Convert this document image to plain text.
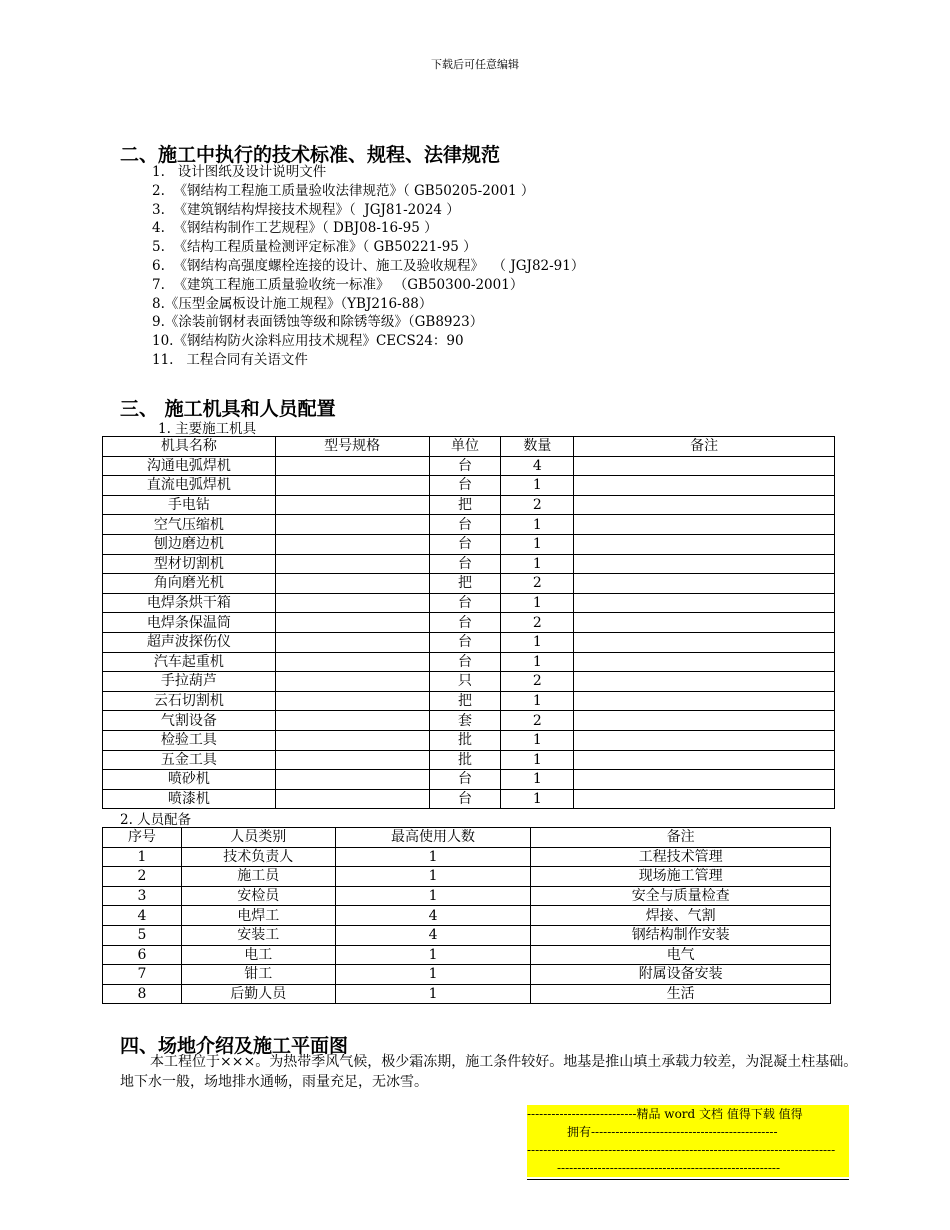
下载后可任意编辑
二、施工中执行的技术标准、规程、法律规范
1.   设计图纸及设计说明文件
2.  《钢结构工程施工质量验收法律规范》（ GB50205-2001 ）
3.  《建筑钢结构焊接技术规程》（  JGJ81-2024 ）
4.  《钢结构制作工艺规程》（ DBJ08-16-95 ）
5.  《结构工程质量检测评定标准》（ GB50221-95 ）
6.  《钢结构高强度螺栓连接的设计、施工及验收规程》  （ JGJ82-91）
7.  《建筑工程施工质量验收统一标准》 （GB50300-2001）
8.《压型金属板设计施工规程》（YBJ216-88）
9.《涂装前钢材表面锈蚀等级和除锈等级》（GB8923）
10.《钢结构防火涂料应用技术规程》CECS24：90
11.   工程合同有关语文件
三、 施工机具和人员配置
1. 主要施工机具
机具名称	型号规格	单位	数量	备注
沟通电弧焊机		台	4	
直流电弧焊机		台	1	
手电钻		把	2	
空气压缩机		台	1	
刨边磨边机		台	1	
型材切割机		台	1	
角向磨光机		把	2	
电焊条烘干箱		台	1	
电焊条保温筒		台	2	
超声波探伤仪		台	1	
汽车起重机		台	1	
手拉葫芦		只	2	
云石切割机		把	1	
气割设备		套	2	
检验工具		批	1	
五金工具		批	1	
喷砂机		台	1	
喷漆机		台	1	
2. 人员配备
序号	人员类别	最高使用人数	备注
1	技术负责人	1	工程技术管理
2	施工员	1	现场施工管理
3	安检员	1	安全与质量检查
4	电焊工	4	焊接、气割
5	安装工	4	钢结构制作安装
6	电工	1	电气
7	钳工	1	附属设备安装
8	后勤人员	1	生活
四、场地介绍及施工平面图
本工程位于×××。为热带季风气候，极少霜冻期，施工条件较好。地基是推山填土承载力较差，为混凝土柱基础。地下水一般，场地排水通畅，雨量充足，无冰雪。
---------------------------精品 word 文档 值得下载 值得
拥有----------------------------------------------
----------------------------------------------------------------------------
-------------------------------------------------------
